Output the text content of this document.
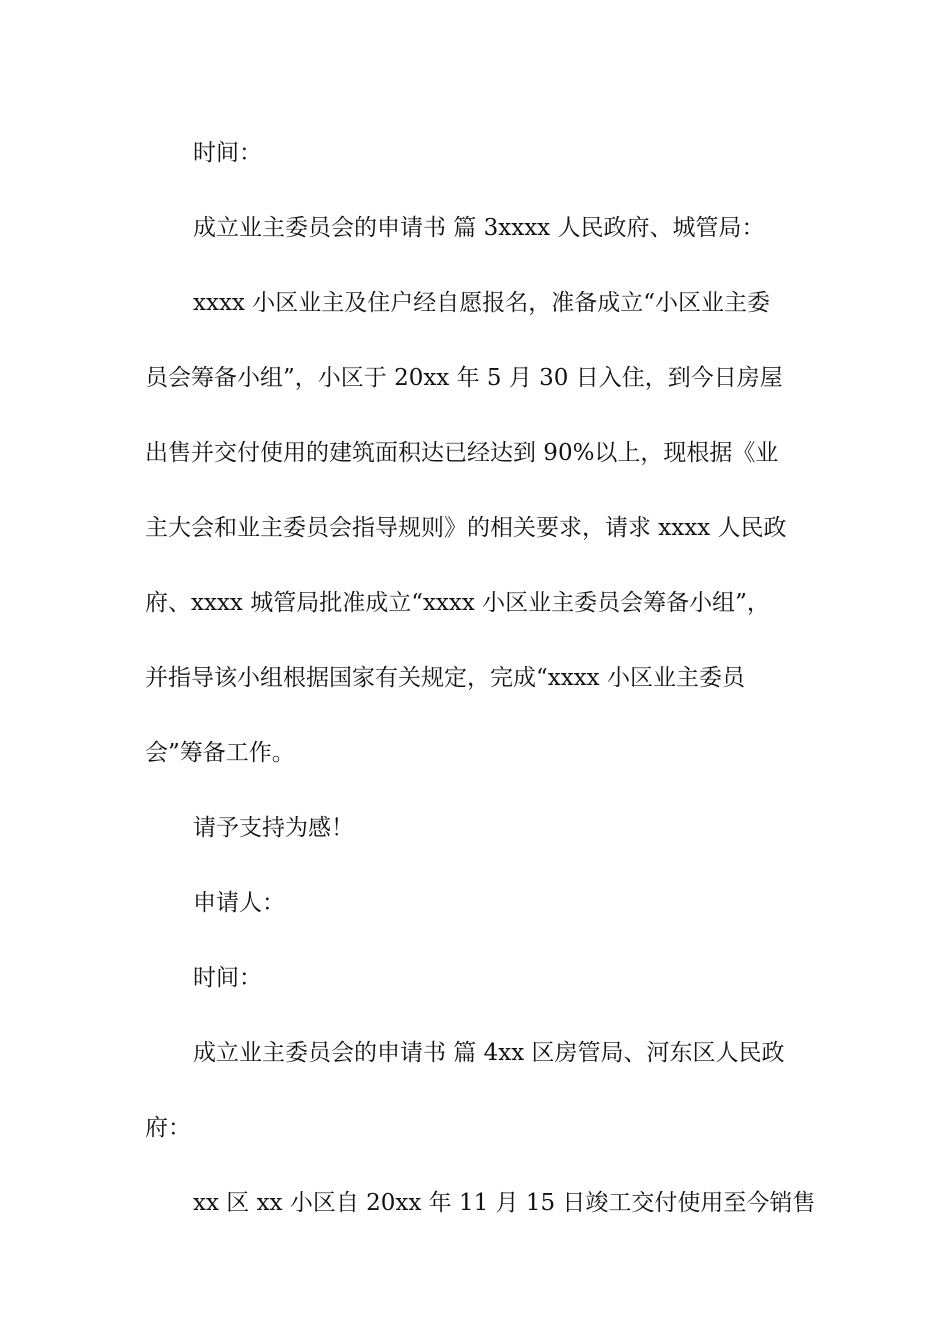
时间：

成立业主委员会的申请书 篇 3xxxx 人民政府、城管局：

xxxx 小区业主及住户经自愿报名，准备成立“小区业主委

员会筹备小组”，小区于 20xx 年 5 月 30 日入住，到今日房屋

出售并交付使用的建筑面积达已经达到 90%以上，现根据《业

主大会和业主委员会指导规则》的相关要求，请求 xxxx 人民政

府、xxxx 城管局批准成立“xxxx 小区业主委员会筹备小组”，

并指导该小组根据国家有关规定，完成“xxxx 小区业主委员

会”筹备工作。

请予支持为感！

申请人：

时间：

成立业主委员会的申请书 篇 4xx 区房管局、河东区人民政

府：

xx 区 xx 小区自 20xx 年 11 月 15 日竣工交付使用至今销售
